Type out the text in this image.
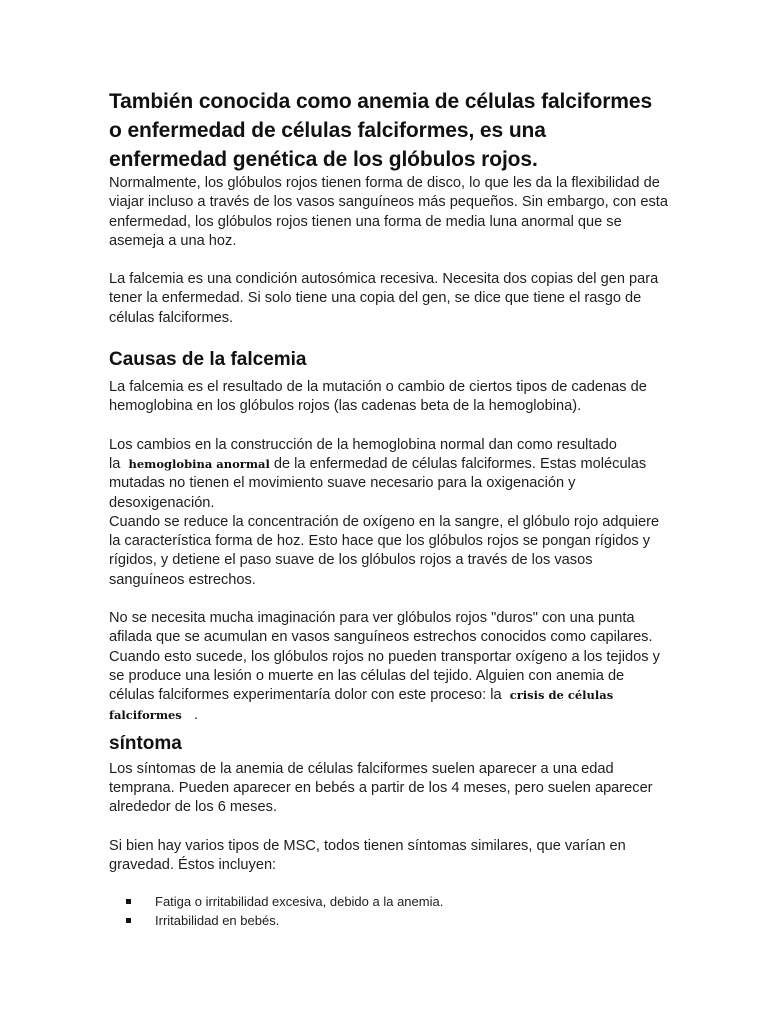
También conocida como anemia de células falciformes o enfermedad de células falciformes, es una enfermedad genética de los glóbulos rojos.

Normalmente, los glóbulos rojos tienen forma de disco, lo que les da la flexibilidad de viajar incluso a través de los vasos sanguíneos más pequeños. Sin embargo, con esta enfermedad, los glóbulos rojos tienen una forma de media luna anormal que se asemeja a una hoz.

La falcemia es una condición autosómica recesiva. Necesita dos copias del gen para tener la enfermedad. Si solo tiene una copia del gen, se dice que tiene el rasgo de células falciformes.

Causas de la falcemia

La falcemia es el resultado de la mutación o cambio de ciertos tipos de cadenas de hemoglobina en los glóbulos rojos (las cadenas beta de la hemoglobina).

Los cambios en la construcción de la hemoglobina normal dan como resultado la hemoglobina anormal de la enfermedad de células falciformes. Estas moléculas mutadas no tienen el movimiento suave necesario para la oxigenación y desoxigenación.

Cuando se reduce la concentración de oxígeno en la sangre, el glóbulo rojo adquiere la característica forma de hoz. Esto hace que los glóbulos rojos se pongan rígidos y rígidos, y detiene el paso suave de los glóbulos rojos a través de los vasos sanguíneos estrechos.

No se necesita mucha imaginación para ver glóbulos rojos "duros" con una punta afilada que se acumulan en vasos sanguíneos estrechos conocidos como capilares. Cuando esto sucede, los glóbulos rojos no pueden transportar oxígeno a los tejidos y se produce una lesión o muerte en las células del tejido. Alguien con anemia de células falciformes experimentaría dolor con este proceso: la crisis de células falciformes .

síntoma

Los síntomas de la anemia de células falciformes suelen aparecer a una edad temprana. Pueden aparecer en bebés a partir de los 4 meses, pero suelen aparecer alrededor de los 6 meses.

Si bien hay varios tipos de MSC, todos tienen síntomas similares, que varían en gravedad. Éstos incluyen:

Fatiga o irritabilidad excesiva, debido a la anemia.
Irritabilidad en bebés.
